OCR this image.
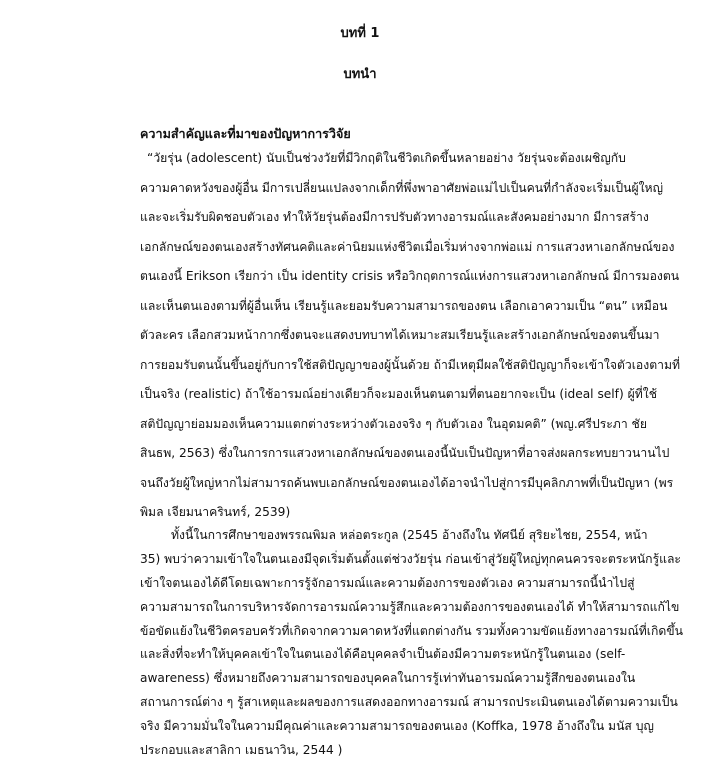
บทที่ 1
บทนำ
ความสำคัญและที่มาของปัญหาการวิจัย
“วัยรุ่น (adolescent) นับเป็นช่วงวัยที่มีวิกฤติในชีวิตเกิดขึ้นหลายอย่าง วัยรุ่นจะต้องเผชิญกับ
ความคาดหวังของผู้อื่น มีการเปลี่ยนแปลงจากเด็กที่พึ่งพาอาศัยพ่อแม่ไปเป็นคนที่กำลังจะเริ่มเป็นผู้ใหญ่
และจะเริ่มรับผิดชอบตัวเอง ทำให้วัยรุ่นต้องมีการปรับตัวทางอารมณ์และสังคมอย่างมาก มีการสร้าง
เอกลักษณ์ของตนเองสร้างทัศนคติและค่านิยมแห่งชีวิตเมื่อเริ่มห่างจากพ่อแม่ การแสวงหาเอกลักษณ์ของ
ตนเองนี้ Erikson เรียกว่า เป็น identity crisis หรือวิกฤตการณ์แห่งการแสวงหาเอกลักษณ์ มีการมองตน
และเห็นตนเองตามที่ผู้อื่นเห็น เรียนรู้และยอมรับความสามารถของตน เลือกเอาความเป็น “ตน” เหมือน
ตัวละคร เลือกสวมหน้ากากซึ่งตนจะแสดงบทบาทได้เหมาะสมเรียนรู้และสร้างเอกลักษณ์ของตนขึ้นมา
การยอมรับตนนั้นขึ้นอยู่กับการใช้สติปัญญาของผู้นั้นด้วย ถ้ามีเหตุมีผลใช้สติปัญญาก็จะเข้าใจตัวเองตามที่
เป็นจริง (realistic) ถ้าใช้อารมณ์อย่างเดียวก็จะมองเห็นตนตามที่ตนอยากจะเป็น (ideal self) ผู้ที่ใช้
สติปัญญาย่อมมองเห็นความแตกต่างระหว่างตัวเองจริง ๆ กับตัวเอง ในอุดมคติ” (พญ.ศรีประภา ชัย
สินธพ, 2563) ซึ่งในการการแสวงหาเอกลักษณ์ของตนเองนี้นับเป็นปัญหาที่อาจส่งผลกระทบยาวนานไป
จนถึงวัยผู้ใหญ่หากไม่สามารถค้นพบเอกลักษณ์ของตนเองได้อาจนำไปสู่การมีบุคลิกภาพที่เป็นปัญหา (พร
พิมล เจียมนาครินทร์, 2539)
ทั้งนี้ในการศึกษาของพรรณพิมล หล่อตระกูล (2545 อ้างถึงใน ทัศนีย์ สุริยะไชย, 2554, หน้า
35) พบว่าความเข้าใจในตนเองมีจุดเริ่มต้นตั้งแต่ช่วงวัยรุ่น ก่อนเข้าสู่วัยผู้ใหญ่ทุกคนควรจะตระหนักรู้และ
เข้าใจตนเองได้ดีโดยเฉพาะการรู้จักอารมณ์และความต้องการของตัวเอง ความสามารถนี้นำไปสู่
ความสามารถในการบริหารจัดการอารมณ์ความรู้สึกและความต้องการของตนเองได้ ทำให้สามารถแก้ไข
ข้อขัดแย้งในชีวิตครอบครัวที่เกิดจากความคาดหวังที่แตกต่างกัน รวมทั้งความขัดแย้งทางอารมณ์ที่เกิดขึ้น
และสิ่งที่จะทำให้บุคคลเข้าใจในตนเองได้คือบุคคลจำเป็นต้องมีความตระหนักรู้ในตนเอง (self-
awareness) ซึ่งหมายถึงความสามารถของบุคคลในการรู้เท่าทันอารมณ์ความรู้สึกของตนเองใน
สถานการณ์ต่าง ๆ รู้สาเหตุและผลของการแสดงออกทางอารมณ์ สามารถประเมินตนเองได้ตามความเป็น
จริง มีความมั่นใจในความมีคุณค่าและความสามารถของตนเอง (Koffka, 1978 อ้างถึงใน มนัส บุญ
ประกอบและสาลิกา เมธนาวิน, 2544 )
